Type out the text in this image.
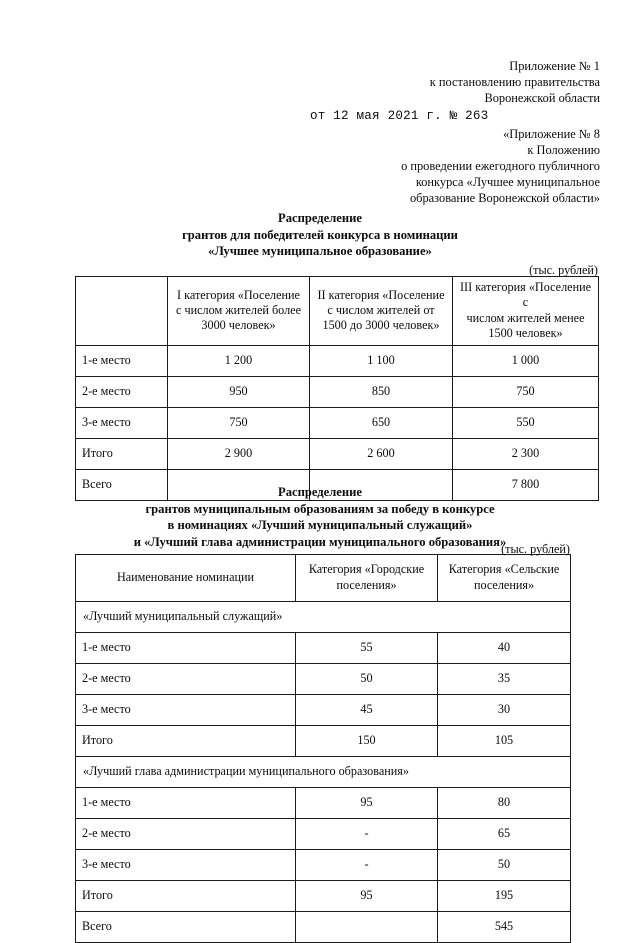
Приложение № 1
к постановлению правительства
Воронежской области
от 12 мая 2021 г. № 263
«Приложение № 8
к Положению
о проведении ежегодного публичного
конкурса «Лучшее муниципальное
образование Воронежской области»
Распределение
грантов для победителей конкурса в номинации
«Лучшее муниципальное образование»
(тыс. рублей)
	I категория «Поселение
с числом жителей более
3000 человек»	II категория «Поселение
с числом жителей от
1500 до 3000 человек»	III категория «Поселение с
числом жителей менее
1500 человек»
1-е место	1 200	1 100	1 000
2-е место	950	850	750
3-е место	750	650	550
Итого	2 900	2 600	2 300
Всего			7 800
Распределение
грантов муниципальным образованиям за победу в конкурсе
в номинациях «Лучший муниципальный служащий»
и «Лучший глава администрации муниципального образования»
(тыс. рублей)
Наименование номинации	Категория «Городские
поселения»	Категория «Сельские
поселения»
«Лучший муниципальный служащий»		
1-е место	55	40
2-е место	50	35
3-е место	45	30
Итого	150	105
«Лучший глава администрации муниципального образования»		
1-е место	95	80
2-е место	-	65
3-е место	-	50
Итого	95	195
Всего		545
